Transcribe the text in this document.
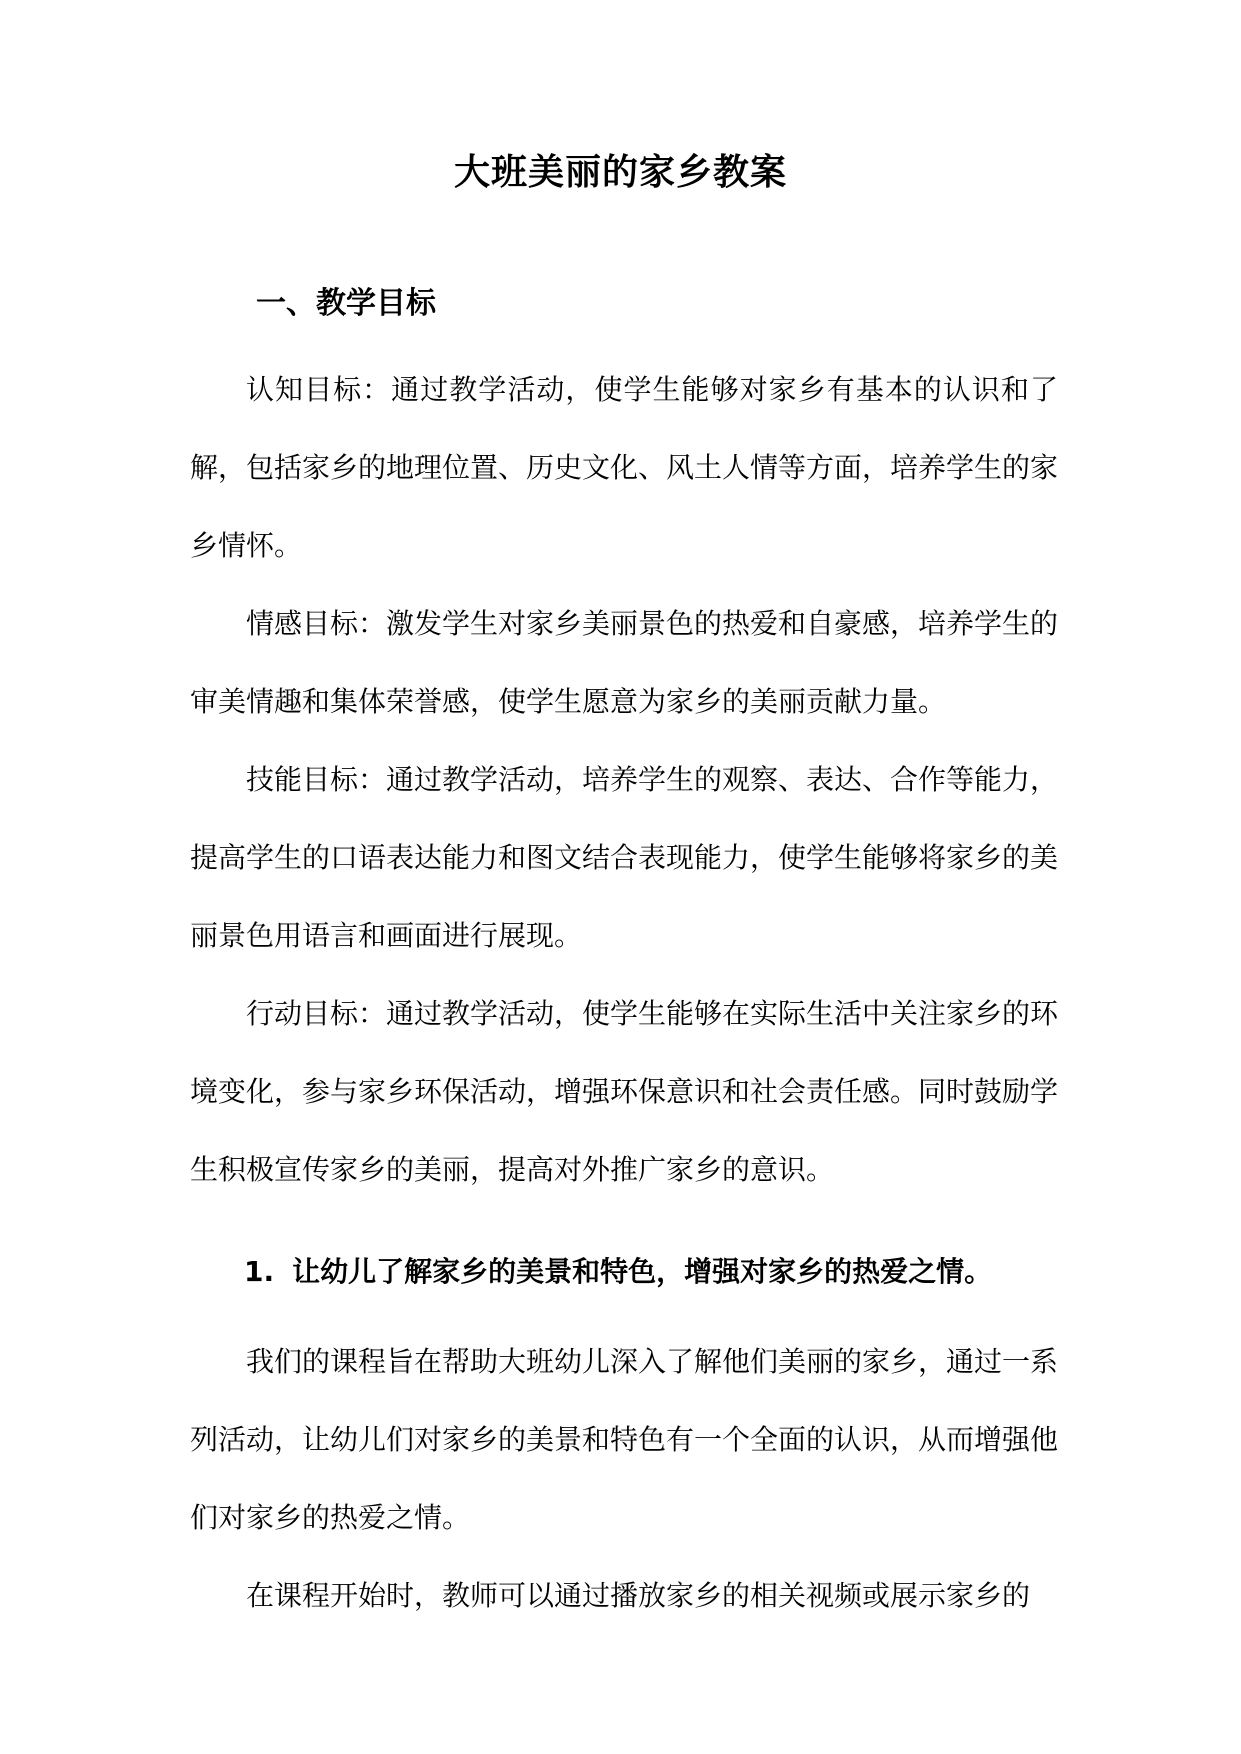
大班美丽的家乡教案
一、教学目标

认知目标：通过教学活动，使学生能够对家乡有基本的认识和了解，包括家乡的地理位置、历史文化、风土人情等方面，培养学生的家乡情怀。

情感目标：激发学生对家乡美丽景色的热爱和自豪感，培养学生的审美情趣和集体荣誉感，使学生愿意为家乡的美丽贡献力量。

技能目标：通过教学活动，培养学生的观察、表达、合作等能力，提高学生的口语表达能力和图文结合表现能力，使学生能够将家乡的美丽景色用语言和画面进行展现。

行动目标：通过教学活动，使学生能够在实际生活中关注家乡的环境变化，参与家乡环保活动，增强环保意识和社会责任感。同时鼓励学生积极宣传家乡的美丽，提高对外推广家乡的意识。

1. 让幼儿了解家乡的美景和特色，增强对家乡的热爱之情。

我们的课程旨在帮助大班幼儿深入了解他们美丽的家乡，通过一系列活动，让幼儿们对家乡的美景和特色有一个全面的认识，从而增强他们对家乡的热爱之情。

在课程开始时，教师可以通过播放家乡的相关视频或展示家乡的
